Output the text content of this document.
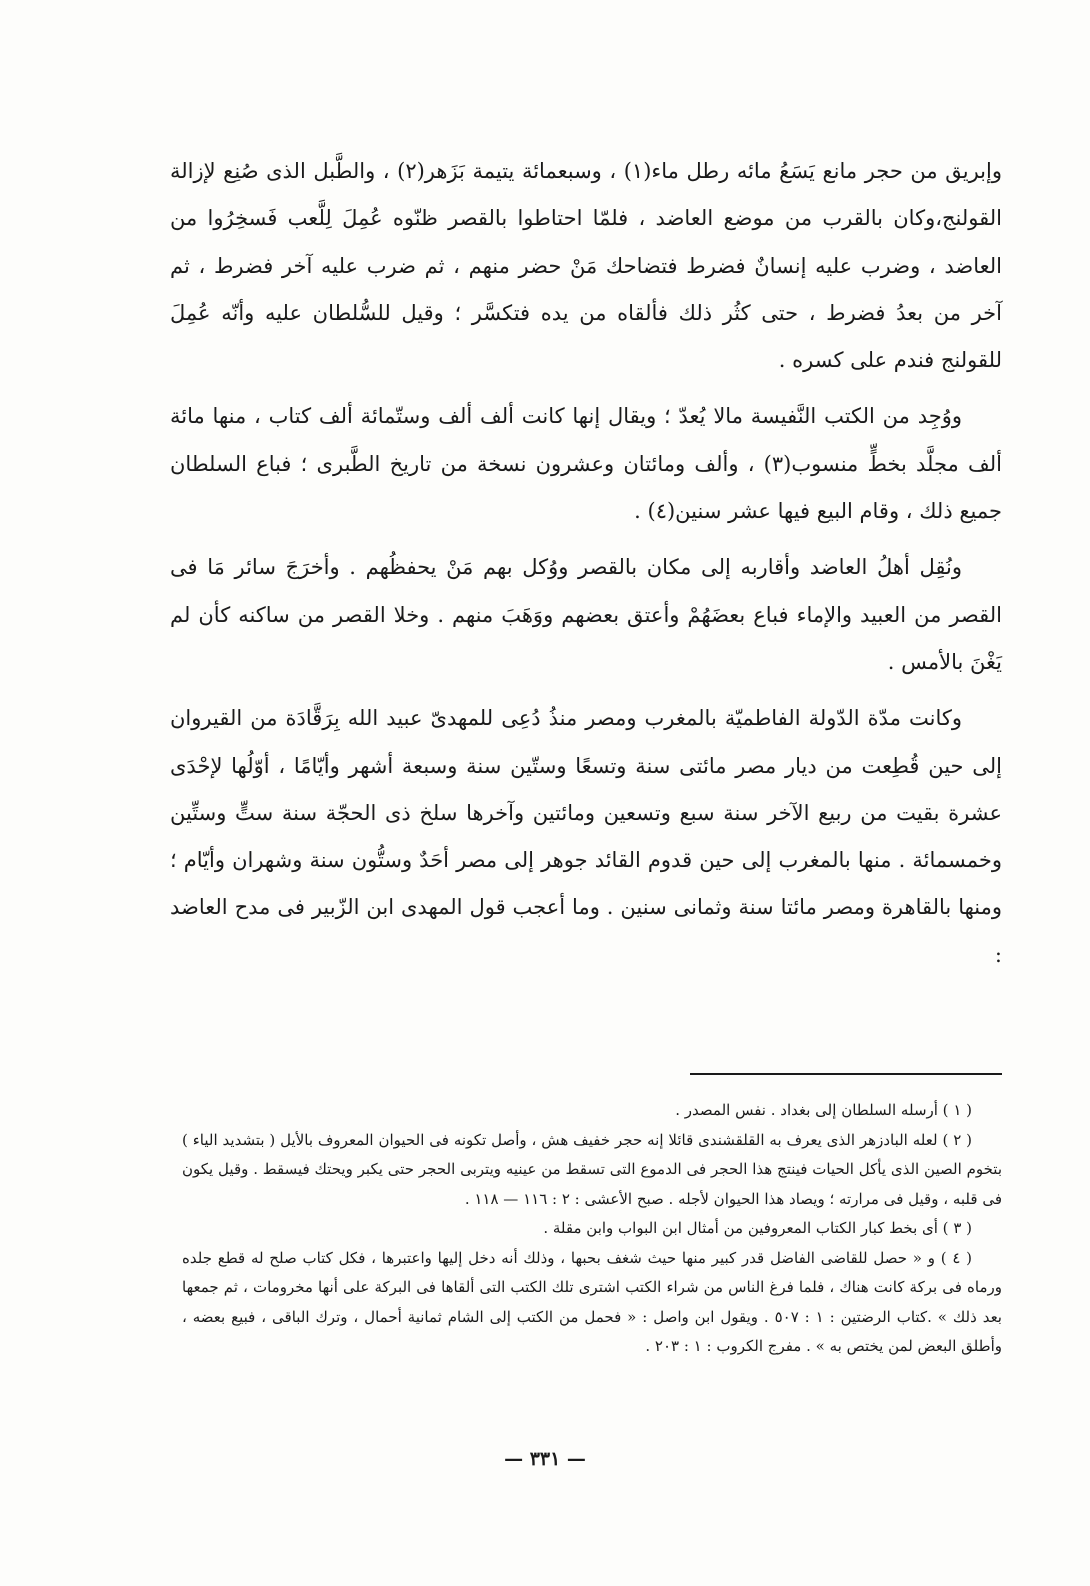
وإبريق من حجر مانع يَسَعُ مائه رطل ماء(١) ، وسبعمائة يتيمة بَزَهر(٢) ، والطَّبل الذى صُنِع لإزالة القولنج،وكان بالقرب من موضع العاضد ، فلمّا احتاطوا بالقصر ظنّوه عُمِلَ لِلَّعب فَسخِرُوا من العاضد ، وضرب عليه إنسانٌ فضرط فتضاحك مَنْ حضر منهم ، ثم ضرب عليه آخر فضرط ، ثم آخر من بعدُ فضرط ، حتى كثُر ذلك فألقاه من يده فتكسَّر ؛ وقيل للسُّلطان عليه وأنّه عُمِلَ للقولنج فندم على كسره .

ووُجِد من الكتب النَّفيسة مالا يُعدّ ؛ ويقال إنها كانت ألف ألف وستّمائة ألف كتاب ، منها مائة ألف مجلَّد بخطٍّ منسوب(٣) ، وألف ومائتان وعشرون نسخة من تاريخ الطَّبرى ؛ فباع السلطان جميع ذلك ، وقام البيع فيها عشر سنين(٤) .

ونُقِل أهلُ العاضد وأقاربه إلى مكان بالقصر ووُكل بهم مَنْ يحفظُهم . وأخرَجَ سائر مَا فى القصر من العبيد والإماء فباع بعضَهُمْ وأعتق بعضهم ووَهَبَ منهم . وخلا القصر من ساكنه كأن لم يَغْنَ بالأمس .

وكانت مدّة الدّولة الفاطميّة بالمغرب ومصر منذُ دُعِى للمهدىّ عبيد الله بِرَقَّادَة من القيروان إلى حين قُطِعت من ديار مصر مائتى سنة وتسعًا وستّين سنة وسبعة أشهر وأيّامًا ، أوّلُها لإحْدَى عشرة بقيت من ربيع الآخر سنة سبع وتسعين ومائتين وآخرها سلخ ذى الحجّة سنة ستٍّ وستِّين وخمسمائة . منها بالمغرب إلى حين قدوم القائد جوهر إلى مصر أحَدٌ وستُّون سنة وشهران وأيّام ؛ ومنها بالقاهرة ومصر مائتا سنة وثمانى سنين . وما أعجب قول المهدى ابن الزّبير فى مدح العاضد :

( ١ ) أرسله السلطان إلى بغداد . نفس المصدر .

( ٢ ) لعله البادزهر الذى يعرف به القلقشندى قائلا إنه حجر خفيف هش ، وأصل تكونه فى الحيوان المعروف بالأيل ( بتشديد الياء ) بتخوم الصين الذى يأكل الحيات فينتج هذا الحجر فى الدموع التى تسقط من عينيه ويتربى الحجر حتى يكبر ويحتك فيسقط . وقيل يكون فى قلبه ، وقيل فى مرارته ؛ ويصاد هذا الحيوان لأجله . صبح الأعشى : ٢ : ١١٦ — ١١٨ .

( ٣ ) أى بخط كبار الكتاب المعروفين من أمثال ابن البواب وابن مقلة .

( ٤ ) و « حصل للقاضى الفاضل قدر كبير منها حيث شغف بحبها ، وذلك أنه دخل إليها واعتبرها ، فكل كتاب صلح له قطع جلده ورماه فى بركة كانت هناك ، فلما فرغ الناس من شراء الكتب اشترى تلك الكتب التى ألقاها فى البركة على أنها مخرومات ، ثم جمعها بعد ذلك » .كتاب الرضتين : ١ : ٥٠٧ . ويقول ابن واصل : « فحمل من الكتب إلى الشام ثمانية أحمال ، وترك الباقى ، فبيع بعضه ، وأطلق البعض لمن يختص به » . مفرج الكروب : ١ : ٢٠٣ .

— ٣٣١ —
